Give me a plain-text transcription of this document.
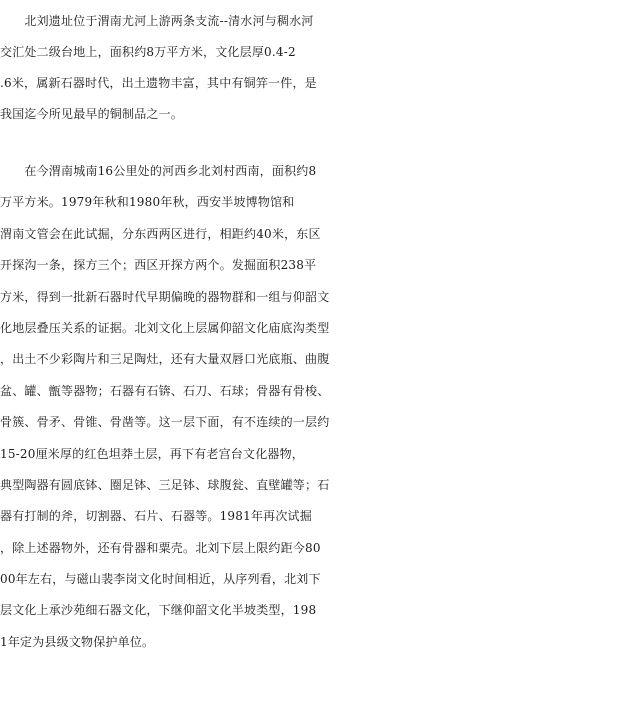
　　北刘遗址位于渭南尤河上游两条支流--清水河与稠水河
交汇处二级台地上，面积约8万平方米，文化层厚0.4-2
.6米，属新石器时代，出土遗物丰富，其中有铜笄一件，是
我国迄今所见最早的铜制品之一。
　　在今渭南城南16公里处的河西乡北刘村西南，面积约8
万平方米。1979年秋和1980年秋，西安半坡博物馆和
渭南文管会在此试掘，分东西两区进行，相距约40米，东区
开探沟一条，探方三个；西区开探方两个。发掘面积238平
方米，得到一批新石器时代早期偏晚的器物群和一组与仰韶文
化地层叠压关系的证据。北刘文化上层属仰韶文化庙底沟类型
，出土不少彩陶片和三足陶灶，还有大量双唇口光底瓶、曲腹
盆、罐、甑等器物；石器有石锛、石刀、石球；骨器有骨梭、
骨簇、骨矛、骨锥、骨凿等。这一层下面，有不连续的一层约
15-20厘米厚的红色坦莽土层，再下有老宫台文化器物，
典型陶器有圆底钵、圈足钵、三足钵、球腹瓮、直壁罐等；石
器有打制的斧，切割器、石片、石器等。1981年再次试掘
，除上述器物外，还有骨器和粟壳。北刘下层上限约距今80
00年左右，与磁山裴李岗文化时间相近，从序列看，北刘下
层文化上承沙苑细石器文化，下继仰韶文化半坡类型，198
1年定为县级文物保护单位。
